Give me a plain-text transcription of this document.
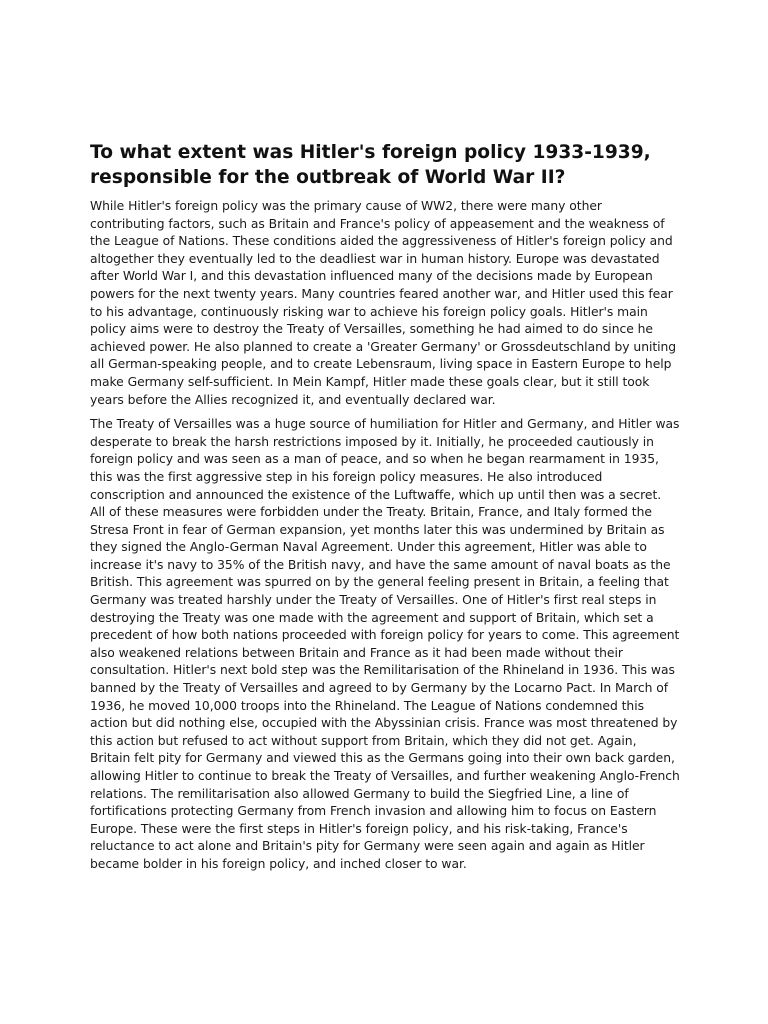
To what extent was Hitler's foreign policy 1933-1939, responsible for the outbreak of World War II?

While Hitler's foreign policy was the primary cause of WW2, there were many other contributing factors, such as Britain and France's policy of appeasement and the weakness of the League of Nations. These conditions aided the aggressiveness of Hitler's foreign policy and altogether they eventually led to the deadliest war in human history. Europe was devastated after World War I, and this devastation influenced many of the decisions made by European powers for the next twenty years. Many countries feared another war, and Hitler used this fear to his advantage, continuously risking war to achieve his foreign policy goals. Hitler's main policy aims were to destroy the Treaty of Versailles, something he had aimed to do since he achieved power. He also planned to create a 'Greater Germany' or Grossdeutschland by uniting all German-speaking people, and to create Lebensraum, living space in Eastern Europe to help make Germany self-sufficient. In Mein Kampf, Hitler made these goals clear, but it still took years before the Allies recognized it, and eventually declared war.

The Treaty of Versailles was a huge source of humiliation for Hitler and Germany, and Hitler was desperate to break the harsh restrictions imposed by it. Initially, he proceeded cautiously in foreign policy and was seen as a man of peace, and so when he began rearmament in 1935, this was the first aggressive step in his foreign policy measures. He also introduced conscription and announced the existence of the Luftwaffe, which up until then was a secret. All of these measures were forbidden under the Treaty. Britain, France, and Italy formed the Stresa Front in fear of German expansion, yet months later this was undermined by Britain as they signed the Anglo-German Naval Agreement. Under this agreement, Hitler was able to increase it's navy to 35% of the British navy, and have the same amount of naval boats as the British. This agreement was spurred on by the general feeling present in Britain, a feeling that Germany was treated harshly under the Treaty of Versailles. One of Hitler's first real steps in destroying the Treaty was one made with the agreement and support of Britain, which set a precedent of how both nations proceeded with foreign policy for years to come. This agreement also weakened relations between Britain and France as it had been made without their consultation. Hitler's next bold step was the Remilitarisation of the Rhineland in 1936. This was banned by the Treaty of Versailles and agreed to by Germany by the Locarno Pact. In March of 1936, he moved 10,000 troops into the Rhineland. The League of Nations condemned this action but did nothing else, occupied with the Abyssinian crisis. France was most threatened by this action but refused to act without support from Britain, which they did not get. Again, Britain felt pity for Germany and viewed this as the Germans going into their own back garden, allowing Hitler to continue to break the Treaty of Versailles, and further weakening Anglo-French relations. The remilitarisation also allowed Germany to build the Siegfried Line, a line of fortifications protecting Germany from French invasion and allowing him to focus on Eastern Europe. These were the first steps in Hitler's foreign policy, and his risk-taking, France's reluctance to act alone and Britain's pity for Germany were seen again and again as Hitler became bolder in his foreign policy, and inched closer to war.
